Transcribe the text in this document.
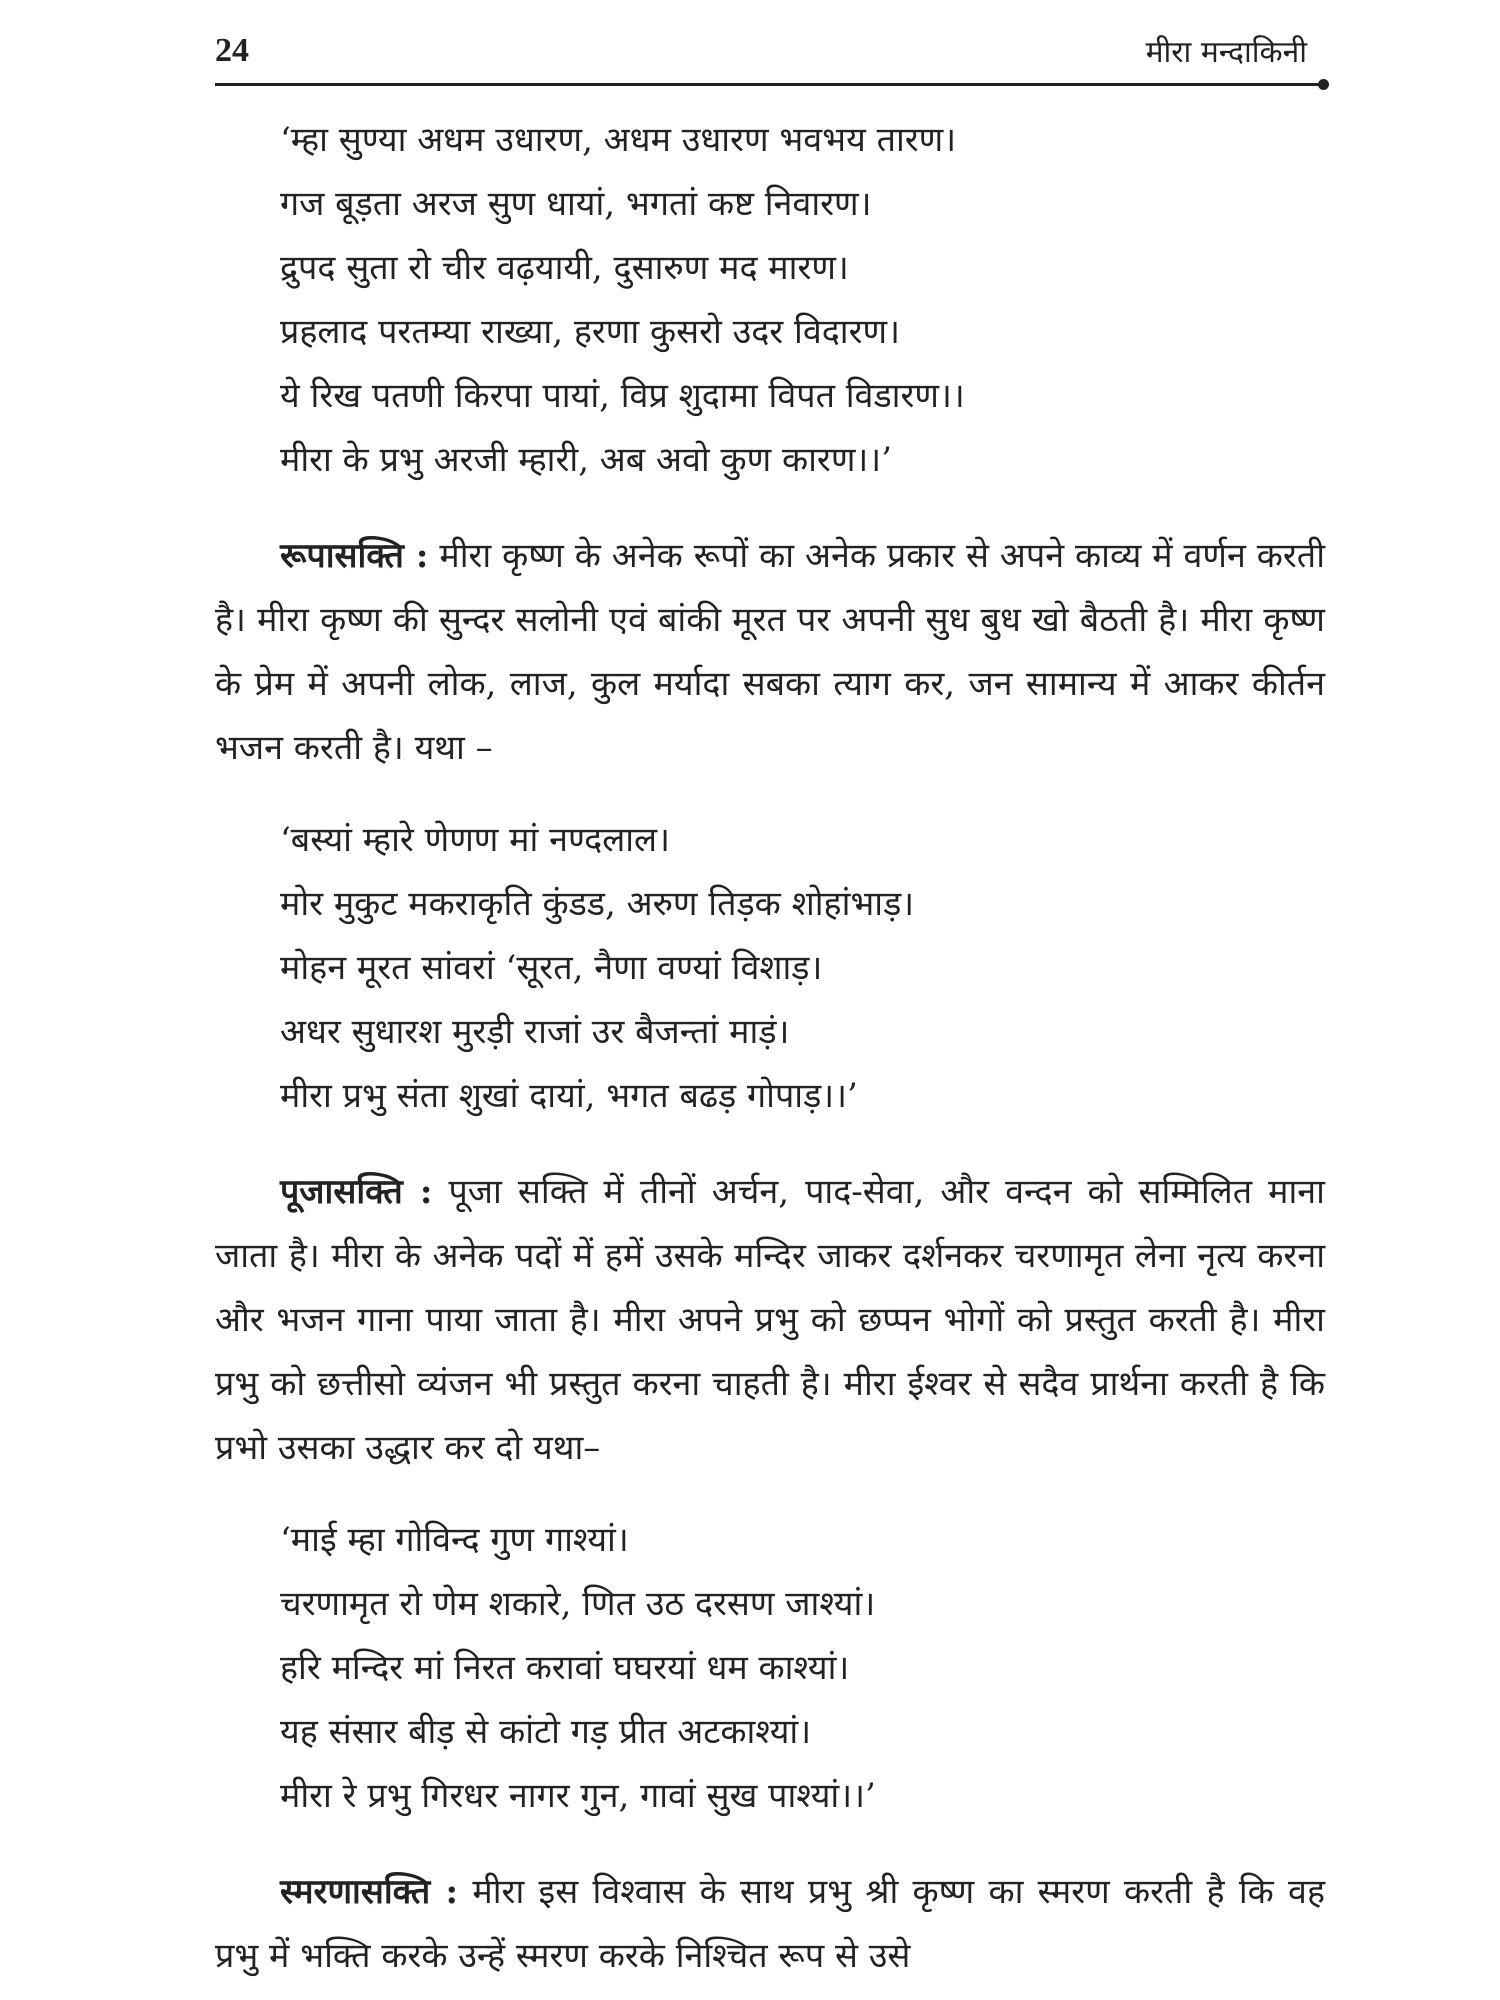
24	मीरा मन्दाकिनी
‘म्हा सुण्या अधम उधारण, अधम उधारण भवभय तारण।
गज बूड़ता अरज सुण धायां, भगतां कष्ट निवारण।
द्रुपद सुता रो चीर वढ़यायी, दुसारुण मद मारण।
प्रहलाद परतम्या राख्या, हरणा कुसरो उदर विदारण।
ये रिख पतणी किरपा पायां, विप्र शुदामा विपत विडारण।।
मीरा के प्रभु अरजी म्हारी, अब अवो कुण कारण।।’

रूपासक्ति : मीरा कृष्ण के अनेक रूपों का अनेक प्रकार से अपने काव्य में वर्णन करती है। मीरा कृष्ण की सुन्दर सलोनी एवं बांकी मूरत पर अपनी सुध बुध खो बैठती है। मीरा कृष्ण के प्रेम में अपनी लोक, लाज, कुल मर्यादा सबका त्याग कर, जन सामान्य में आकर कीर्तन भजन करती है। यथा –

‘बस्यां म्हारे णेणण मां नण्दलाल।
मोर मुकुट मकराकृति कुंडड, अरुण तिड़क शोहांभाड़।
मोहन मूरत सांवरां ‘सूरत, नैणा वण्यां विशाड़।
अधर सुधारश मुरड़ी राजां उर बैजन्तां माड़ं।
मीरा प्रभु संता शुखां दायां, भगत बढड़ गोपाड़।।’

पूजासक्ति : पूजा सक्ति में तीनों अर्चन, पाद-सेवा, और वन्दन को सम्मिलित माना जाता है। मीरा के अनेक पदों में हमें उसके मन्दिर जाकर दर्शनकर चरणामृत लेना नृत्य करना और भजन गाना पाया जाता है। मीरा अपने प्रभु को छप्पन भोगों को प्रस्तुत करती है। मीरा प्रभु को छत्तीसो व्यंजन भी प्रस्तुत करना चाहती है। मीरा ईश्वर से सदैव प्रार्थना करती है कि प्रभो उसका उद्धार कर दो यथा–

‘माई म्हा गोविन्द गुण गाश्यां।
चरणामृत रो णेम शकारे, णित उठ दरसण जाश्यां।
हरि मन्दिर मां निरत करावां घघरयां धम काश्यां।
यह संसार बीड़ से कांटो गड़ प्रीत अटकाश्यां।
मीरा रे प्रभु गिरधर नागर गुन, गावां सुख पाश्यां।।’

स्मरणासक्ति : मीरा इस विश्वास के साथ प्रभु श्री कृष्ण का स्मरण करती है कि वह प्रभु में भक्ति करके उन्हें स्मरण करके निश्चित रूप से उसे
